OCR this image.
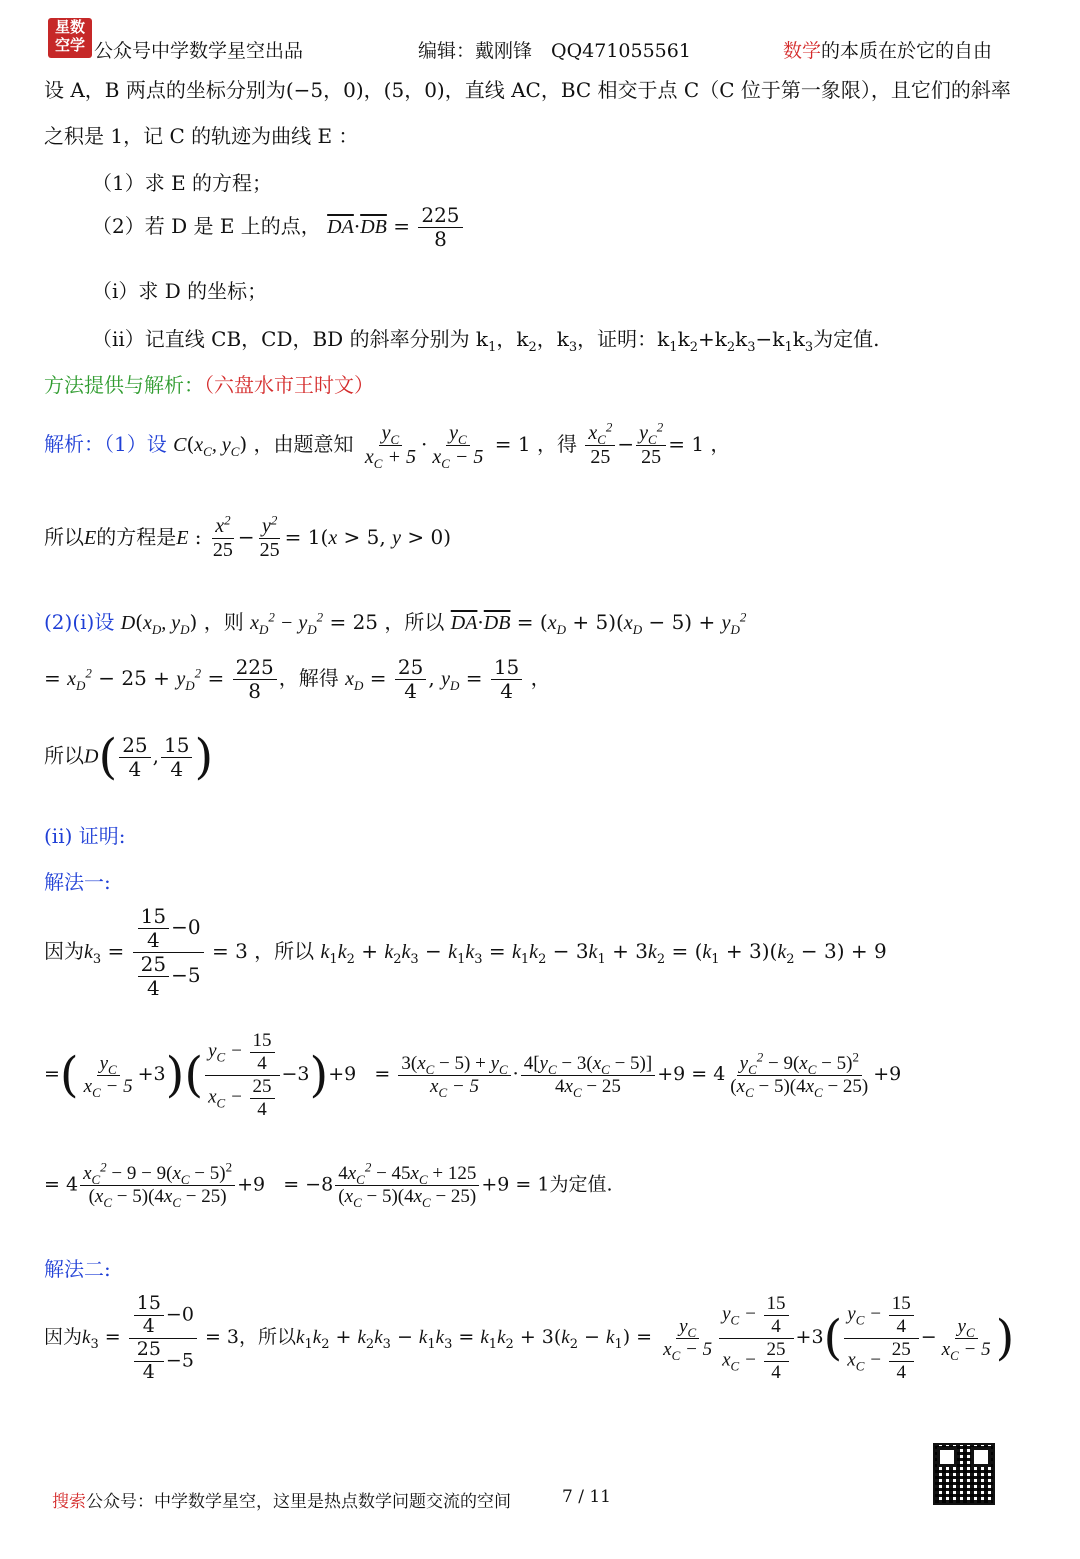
星数
空学 公众号中学数学星空出品	编辑：戴刚锋　QQ471055561	数学的本质在於它的自由
设 A，B 两点的坐标分别为(−5，0)，(5，0)，直线 AC，BC 相交于点 C（C 位于第一象限），且它们的斜率
之积是 1，记 C 的轨迹为曲线 E ：
（1）求 E 的方程；
（2）若 D 是 E 上的点， $\overline{DA}\cdot\overline{DB} = \frac{225}{8}$
（i）求 D 的坐标；
（ii）记直线 CB，CD，BD 的斜率分别为 $k_1$，$k_2$，$k_3$，证明：$k_1k_2+k_2k_3-k_1k_3$为定值.
方法提供与解析：（六盘水市王时文）
解析：（1）设 $C(x_C$, $y_C$) ，由题意知 $\frac{y_C}{x_C + 5} \cdot \frac{y_C}{x_C - 5} = 1$ ，得 $\frac{x_C^2}{25} - \frac{y_C^2}{25} = 1$ ，
所以E的方程是E : $\frac{x^2}{25} - \frac{y^2}{25} = 1(x > 5$, y > 0)
(2)(i)设 $D(x_D$, $y_D$) ，则 $x_D^2 - y_D^2 = 25$ ，所以 $\overline{DA}\cdot\overline{DB} = (x_D + 5)(x_D - 5) + y_D^2$
= $x_D^2 - 25 + y_D^2 = \frac{225}{8}$ ，解得 $x_D = \frac{25}{4}$ , $y_D = \frac{15}{4}$ ，
所以$D( \frac{25}{4}$ , $\frac{15}{4}$ )
(ii) 证明:
解法一:
因为$k_3 = \frac{\frac{15}{4} -0}{\frac{25}{4} -5} = 3$ ，所以 $k_1k_2 + k_2k_3 - k_1k_3 = k_1k_2 - 3k_1 + 3k_2 = (k_1 + 3)(k_2 - 3) + 9$
=( $\frac{y_C}{x_C - 5} +3)( \frac{y_C - \frac{15}{4}}{x_C - \frac{25}{4}} -3)+9 = \frac{3(x_C - 5) + y_C}{x_C - 5} \cdot \frac{4[y_C - 3(x_C - 5)]}{4x_C - 25} +9 = 4 \frac{y_C^2 - 9(x_C - 5)^2}{(x_C - 5)(4x_C - 25)} +9$
= $4 \frac{x_C^2 - 9 - 9(x_C - 5)^2}{(x_C - 5)(4x_C - 25)} +9 = -8 \frac{4x_C^2 - 45x_C + 125}{(x_C - 5)(4x_C - 25)} +9 = 1$为定值.
解法二:
因为$k_3 = \frac{\frac{15}{4} -0}{\frac{25}{4} -5} = 3$，所以$k_1k_2 + k_2k_3 - k_1k_3 = k_1k_2 + 3(k_2 - k_1) = \frac{y_C}{x_C - 5} \frac{y_C - \frac{15}{4}}{x_C - \frac{25}{4}} +3( \frac{y_C - \frac{15}{4}}{x_C - \frac{25}{4}} - \frac{y_C}{x_C - 5}$ )
搜索公众号：中学数学星空，这里是热点数学问题交流的空间	7 / 11
